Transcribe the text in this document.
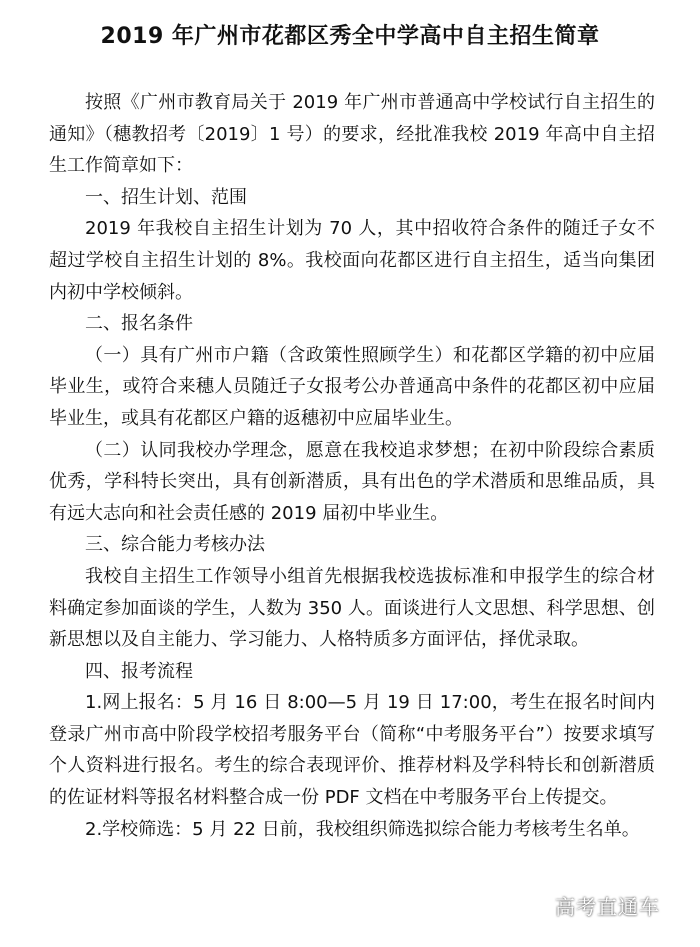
2019 年广州市花都区秀全中学高中自主招生简章

按照《广州市教育局关于 2019 年广州市普通高中学校试行自主招生的通知》（穗教招考〔2019〕1 号）的要求，经批准我校 2019 年高中自主招生工作简章如下：

一、招生计划、范围

2019 年我校自主招生计划为 70 人，其中招收符合条件的随迁子女不超过学校自主招生计划的 8%。我校面向花都区进行自主招生，适当向集团内初中学校倾斜。

二、报名条件

（一）具有广州市户籍（含政策性照顾学生）和花都区学籍的初中应届毕业生，或符合来穗人员随迁子女报考公办普通高中条件的花都区初中应届毕业生，或具有花都区户籍的返穗初中应届毕业生。

（二）认同我校办学理念，愿意在我校追求梦想；在初中阶段综合素质优秀，学科特长突出，具有创新潜质，具有出色的学术潜质和思维品质，具有远大志向和社会责任感的 2019 届初中毕业生。

三、综合能力考核办法

我校自主招生工作领导小组首先根据我校选拔标准和申报学生的综合材料确定参加面谈的学生，人数为 350 人。面谈进行人文思想、科学思想、创新思想以及自主能力、学习能力、人格特质多方面评估，择优录取。

四、报考流程

1.网上报名：5 月 16 日 8:00—5 月 19 日 17:00，考生在报名时间内登录广州市高中阶段学校招考服务平台（简称“中考服务平台”）按要求填写个人资料进行报名。考生的综合表现评价、推荐材料及学科特长和创新潜质的佐证材料等报名材料整合成一份 PDF 文档在中考服务平台上传提交。

2.学校筛选：5 月 22 日前，我校组织筛选拟综合能力考核考生名单。

高考直通车
